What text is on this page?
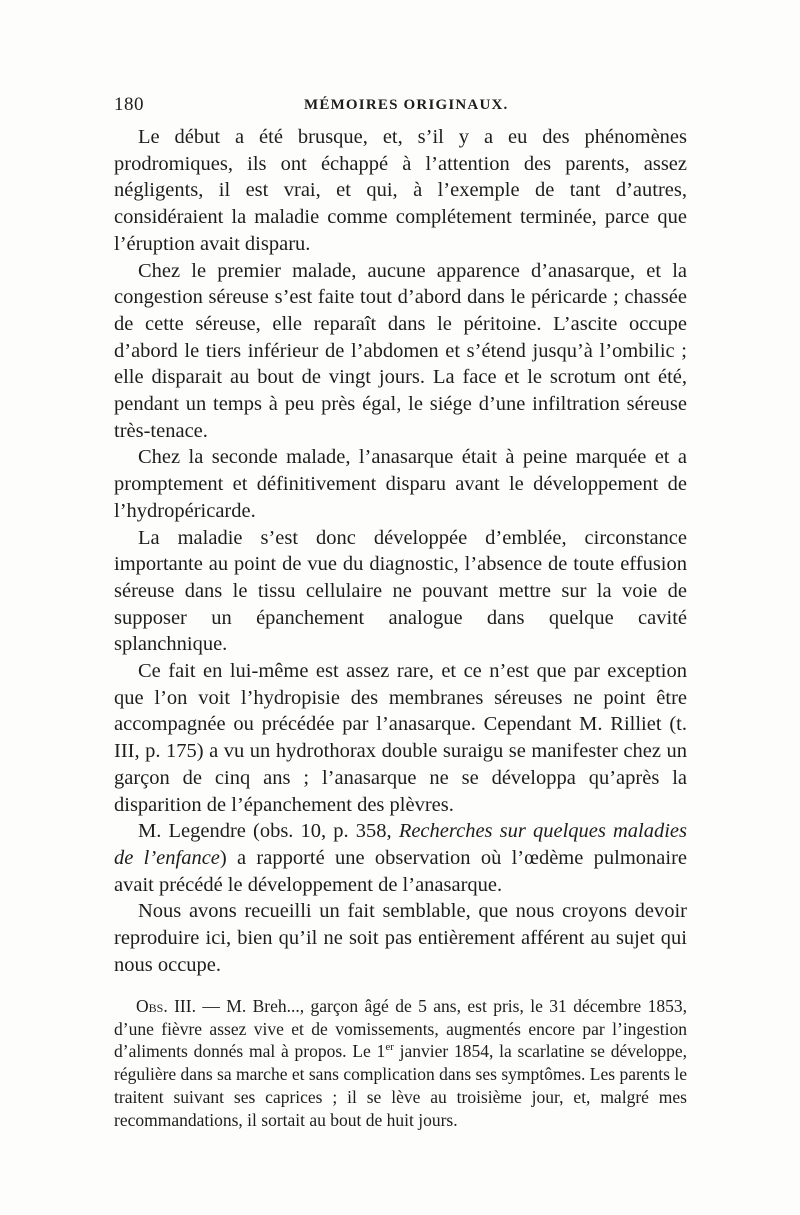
180	MÉMOIRES ORIGINAUX.

Le début a été brusque, et, s’il y a eu des phénomènes prodromiques, ils ont échappé à l’attention des parents, assez négligents, il est vrai, et qui, à l’exemple de tant d’autres, considéraient la maladie comme complétement terminée, parce que l’éruption avait disparu.

Chez le premier malade, aucune apparence d’anasarque, et la congestion séreuse s’est faite tout d’abord dans le péricarde ; chassée de cette séreuse, elle reparaît dans le péritoine. L’ascite occupe d’abord le tiers inférieur de l’abdomen et s’étend jusqu’à l’ombilic ; elle disparait au bout de vingt jours. La face et le scrotum ont été, pendant un temps à peu près égal, le siége d’une infiltration séreuse très-tenace.

Chez la seconde malade, l’anasarque était à peine marquée et a promptement et définitivement disparu avant le développement de l’hydropéricarde.

La maladie s’est donc développée d’emblée, circonstance importante au point de vue du diagnostic, l’absence de toute effusion séreuse dans le tissu cellulaire ne pouvant mettre sur la voie de supposer un épanchement analogue dans quelque cavité splanchnique.

Ce fait en lui-même est assez rare, et ce n’est que par exception que l’on voit l’hydropisie des membranes séreuses ne point être accompagnée ou précédée par l’anasarque. Cependant M. Rilliet (t. III, p. 175) a vu un hydrothorax double suraigu se manifester chez un garçon de cinq ans ; l’anasarque ne se développa qu’après la disparition de l’épanchement des plèvres.

M. Legendre (obs. 10, p. 358, Recherches sur quelques maladies de l’enfance) a rapporté une observation où l’œdème pulmonaire avait précédé le développement de l’anasarque.

Nous avons recueilli un fait semblable, que nous croyons devoir reproduire ici, bien qu’il ne soit pas entièrement afférent au sujet qui nous occupe.

Obs. III. — M. Breh..., garçon âgé de 5 ans, est pris, le 31 décembre 1853, d’une fièvre assez vive et de vomissements, augmentés encore par l’ingestion d’aliments donnés mal à propos. Le 1er janvier 1854, la scarlatine se développe, régulière dans sa marche et sans complication dans ses symptômes. Les parents le traitent suivant ses caprices ; il se lève au troisième jour, et, malgré mes recommandations, il sortait au bout de huit jours.
